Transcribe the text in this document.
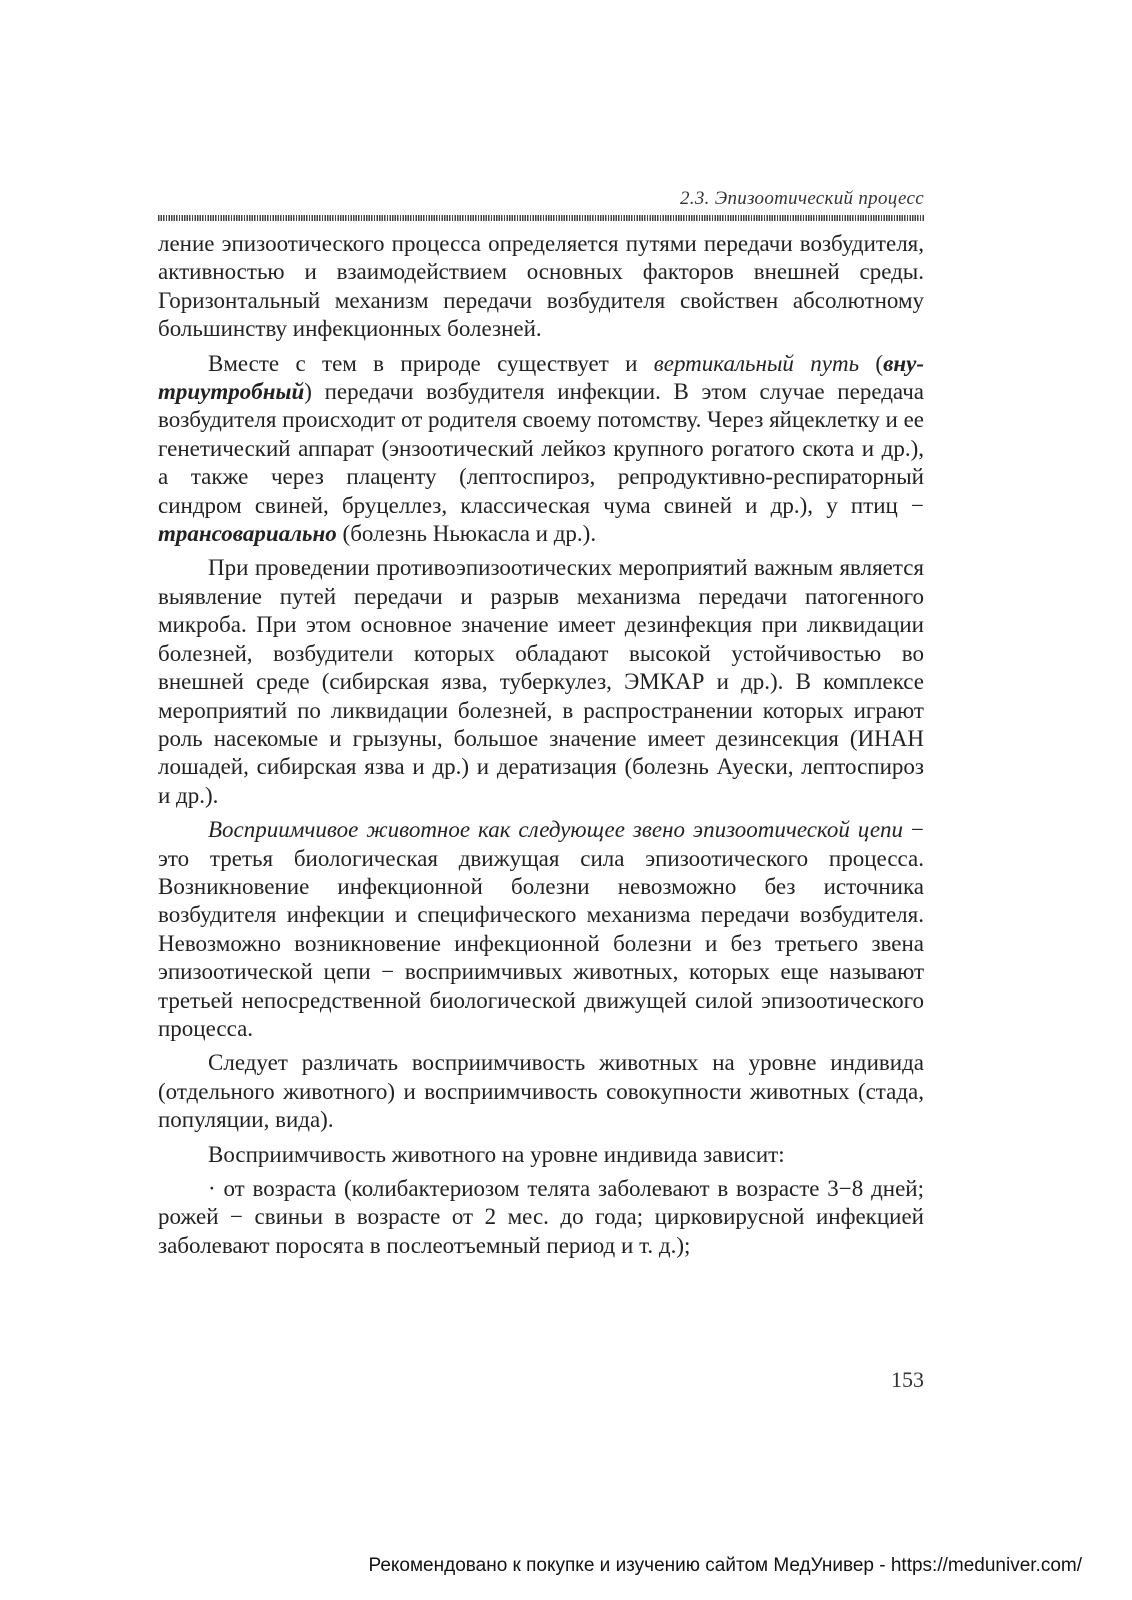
2.3. Эпизоотический процесс

ление эпизоотического процесса определяется путями передачи возбудителя, активностью и взаимодействием основных факторов внешней среды. Горизонтальный механизм передачи возбудителя свойствен абсолютному большинству инфекционных болезней.

Вместе с тем в природе существует и вертикальный путь (внутриутробный) передачи возбудителя инфекции. В этом случае передача возбудителя происходит от родителя своему потомству. Через яйцеклетку и ее генетический аппарат (энзоотический лейкоз крупного рогатого скота и др.), а также через плаценту (лептоспироз, репродуктивно-респираторный синдром свиней, бруцеллез, классическая чума свиней и др.), у птиц − трансовариально (болезнь Ньюкасла и др.).

При проведении противоэпизоотических мероприятий важным является выявление путей передачи и разрыв механизма передачи патогенного микроба. При этом основное значение имеет дезинфекция при ликвидации болезней, возбудители которых обладают высокой устойчивостью во внешней среде (сибирская язва, туберкулез, ЭМКАР и др.). В комплексе мероприятий по ликвидации болезней, в распространении которых играют роль насекомые и грызуны, большое значение имеет дезинсекция (ИНАН лошадей, сибирская язва и др.) и дератизация (болезнь Ауески, лептоспироз и др.).

Восприимчивое животное как следующее звено эпизоотической цепи − это третья биологическая движущая сила эпизоотического процесса. Возникновение инфекционной болезни невозможно без источника возбудителя инфекции и специфического механизма передачи возбудителя. Невозможно возникновение инфекционной болезни и без третьего звена эпизоотической цепи − восприимчивых животных, которых еще называют третьей непосредственной биологической движущей силой эпизоотического процесса.

Следует различать восприимчивость животных на уровне индивида (отдельного животного) и восприимчивость совокупности животных (стада, популяции, вида).

Восприимчивость животного на уровне индивида зависит:

· от возраста (колибактериозом телята заболевают в возрасте 3−8 дней; рожей − свиньи в возрасте от 2 мес. до года; цирковирусной инфекцией заболевают поросята в послеотъемный период и т. д.);

153
Рекомендовано к покупке и изучению сайтом МедУнивер - https://meduniver.com/
